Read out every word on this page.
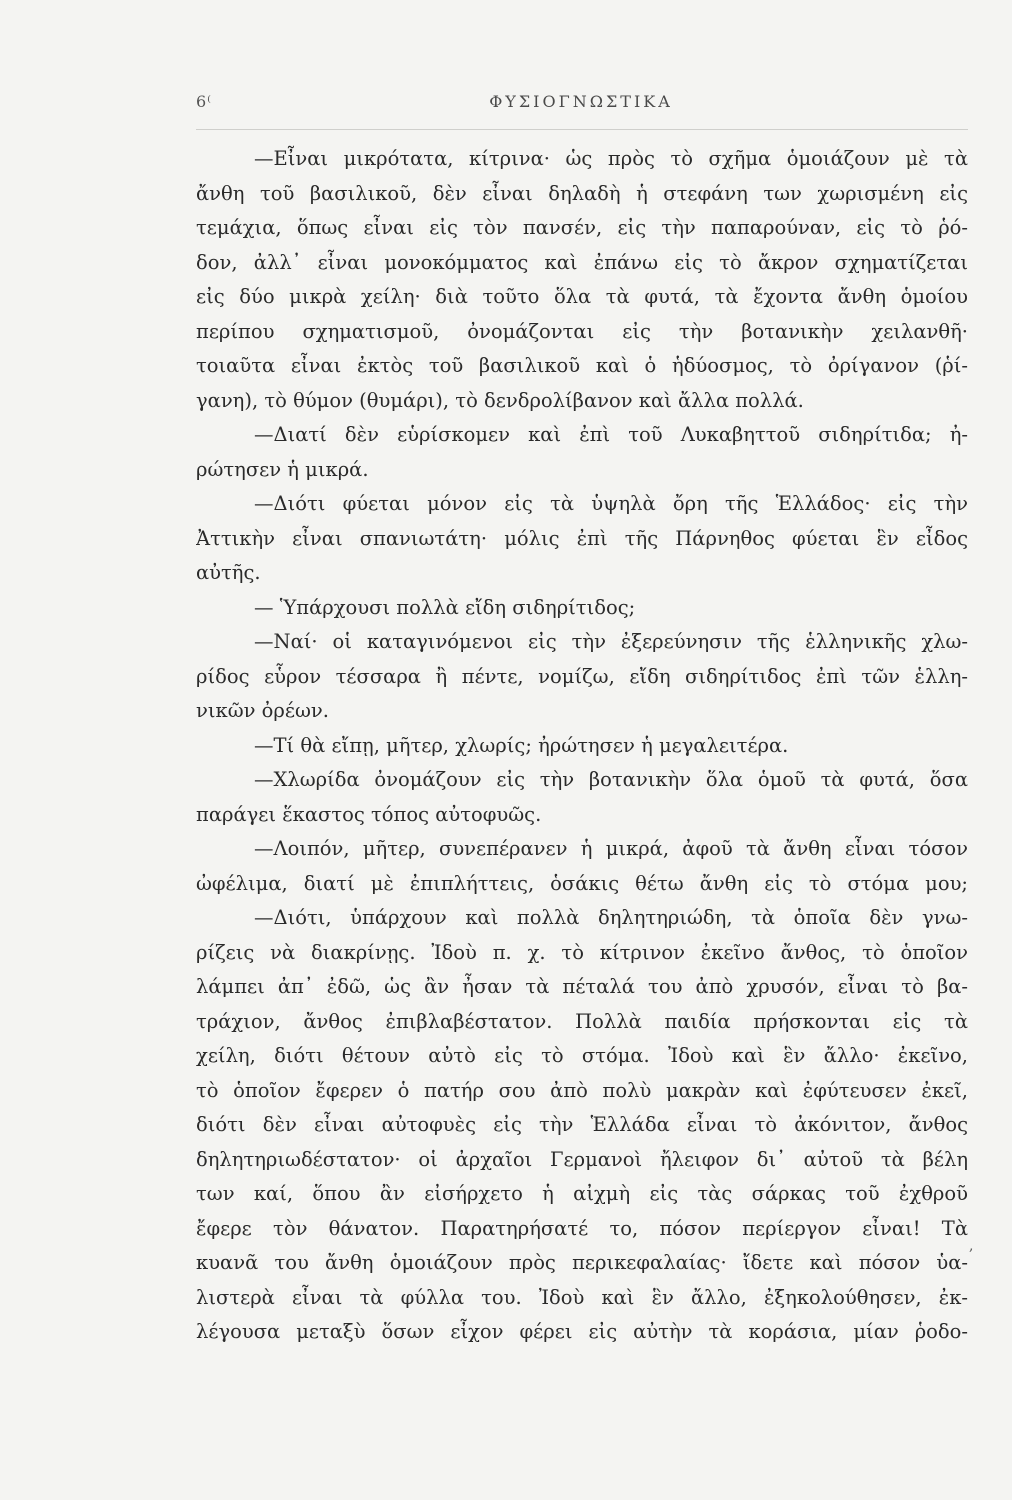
6⁽	ΦΥΣΙΟΓΝΩΣΤΙΚΑ
—Εἶναι μικρότατα, κίτρινα· ὡς πρὸς τὸ σχῆμα ὁμοιάζουν μὲ τὰ
ἄνθη τοῦ βασιλικοῦ, δὲν εἶναι δηλαδὴ ἡ στεφάνη των χωρισμένη εἰς
τεμάχια, ὅπως εἶναι εἰς τὸν πανσέν, εἰς τὴν παπαρούναν, εἰς τὸ ῥό-
δον, ἀλλ᾽ εἶναι μονοκόμματος καὶ ἐπάνω εἰς τὸ ἄκρον σχηματίζεται
εἰς δύο μικρὰ χείλη· διὰ τοῦτο ὅλα τὰ φυτά, τὰ ἔχοντα ἄνθη ὁμοίου
περίπου σχηματισμοῦ, ὀνομάζονται εἰς τὴν βοτανικὴν χειλανθῆ·
τοιαῦτα εἶναι ἐκτὸς τοῦ βασιλικοῦ καὶ ὁ ἡδύοσμος, τὸ ὀρίγανον (ῥί-
γανη), τὸ θύμον (θυμάρι), τὸ δενδρολίβανον καὶ ἄλλα πολλά.
—Διατί δὲν εὑρίσκομεν καὶ ἐπὶ τοῦ Λυκαβηττοῦ σιδηρίτιδα; ἠ-
ρώτησεν ἡ μικρά.
—Διότι φύεται μόνον εἰς τὰ ὑψηλὰ ὄρη τῆς Ἑλλάδος· εἰς τὴν
Ἀττικὴν εἶναι σπανιωτάτη· μόλις ἐπὶ τῆς Πάρνηθος φύεται ἓν εἶδος
αὐτῆς.
— Ὑπάρχουσι πολλὰ εἴδη σιδηρίτιδος;
—Ναί· οἱ καταγινόμενοι εἰς τὴν ἐξερεύνησιν τῆς ἑλληνικῆς χλω-
ρίδος εὗρον τέσσαρα ἢ πέντε, νομίζω, εἴδη σιδηρίτιδος ἐπὶ τῶν ἑλλη-
νικῶν ὀρέων.
—Τί θὰ εἴπῃ, μῆτερ, χλωρίς; ἠρώτησεν ἡ μεγαλειτέρα.
—Χλωρίδα ὀνομάζουν εἰς τὴν βοτανικὴν ὅλα ὁμοῦ τὰ φυτά, ὅσα
παράγει ἕκαστος τόπος αὐτοφυῶς.
—Λοιπόν, μῆτερ, συνεπέρανεν ἡ μικρά, ἀφοῦ τὰ ἄνθη εἶναι τόσον
ὠφέλιμα, διατί μὲ ἐπιπλήττεις, ὁσάκις θέτω ἄνθη εἰς τὸ στόμα μου;
—Διότι, ὑπάρχουν καὶ πολλὰ δηλητηριώδη, τὰ ὁποῖα δὲν γνω-
ρίζεις νὰ διακρίνῃς. Ἰδοὺ π. χ. τὸ κίτρινον ἐκεῖνο ἄνθος, τὸ ὁποῖον
λάμπει ἀπ᾽ ἐδῶ, ὡς ἂν ἦσαν τὰ πέταλά του ἀπὸ χρυσόν, εἶναι τὸ βα-
τράχιον, ἄνθος ἐπιβλαβέστατον. Πολλὰ παιδία πρήσκονται εἰς τὰ
χείλη, διότι θέτουν αὐτὸ εἰς τὸ στόμα. Ἰδοὺ καὶ ἓν ἄλλο· ἐκεῖνο,
τὸ ὁποῖον ἔφερεν ὁ πατήρ σου ἀπὸ πολὺ μακρὰν καὶ ἐφύτευσεν ἐκεῖ,
διότι δὲν εἶναι αὐτοφυὲς εἰς τὴν Ἑλλάδα εἶναι τὸ ἀκόνιτον, ἄνθος
δηλητηριωδέστατον· οἱ ἀρχαῖοι Γερμανοὶ ἤλειφον δι᾽ αὐτοῦ τὰ βέλη
των καί, ὅπου ἂν εἰσήρχετο ἡ αἰχμὴ εἰς τὰς σάρκας τοῦ ἐχθροῦ
ἔφερε τὸν θάνατον. Παρατηρήσατέ το, πόσον περίεργον εἶναι! Τὰ
κυανᾶ του ἄνθη ὁμοιάζουν πρὸς περικεφαλαίας· ἴδετε καὶ πόσον ὑα-
λιστερὰ εἶναι τὰ φύλλα του. Ἰδοὺ καὶ ἓν ἄλλο, ἐξηκολούθησεν, ἐκ-
λέγουσα μεταξὺ ὅσων εἶχον φέρει εἰς αὐτὴν τὰ κοράσια, μίαν ῥοδο-
,
